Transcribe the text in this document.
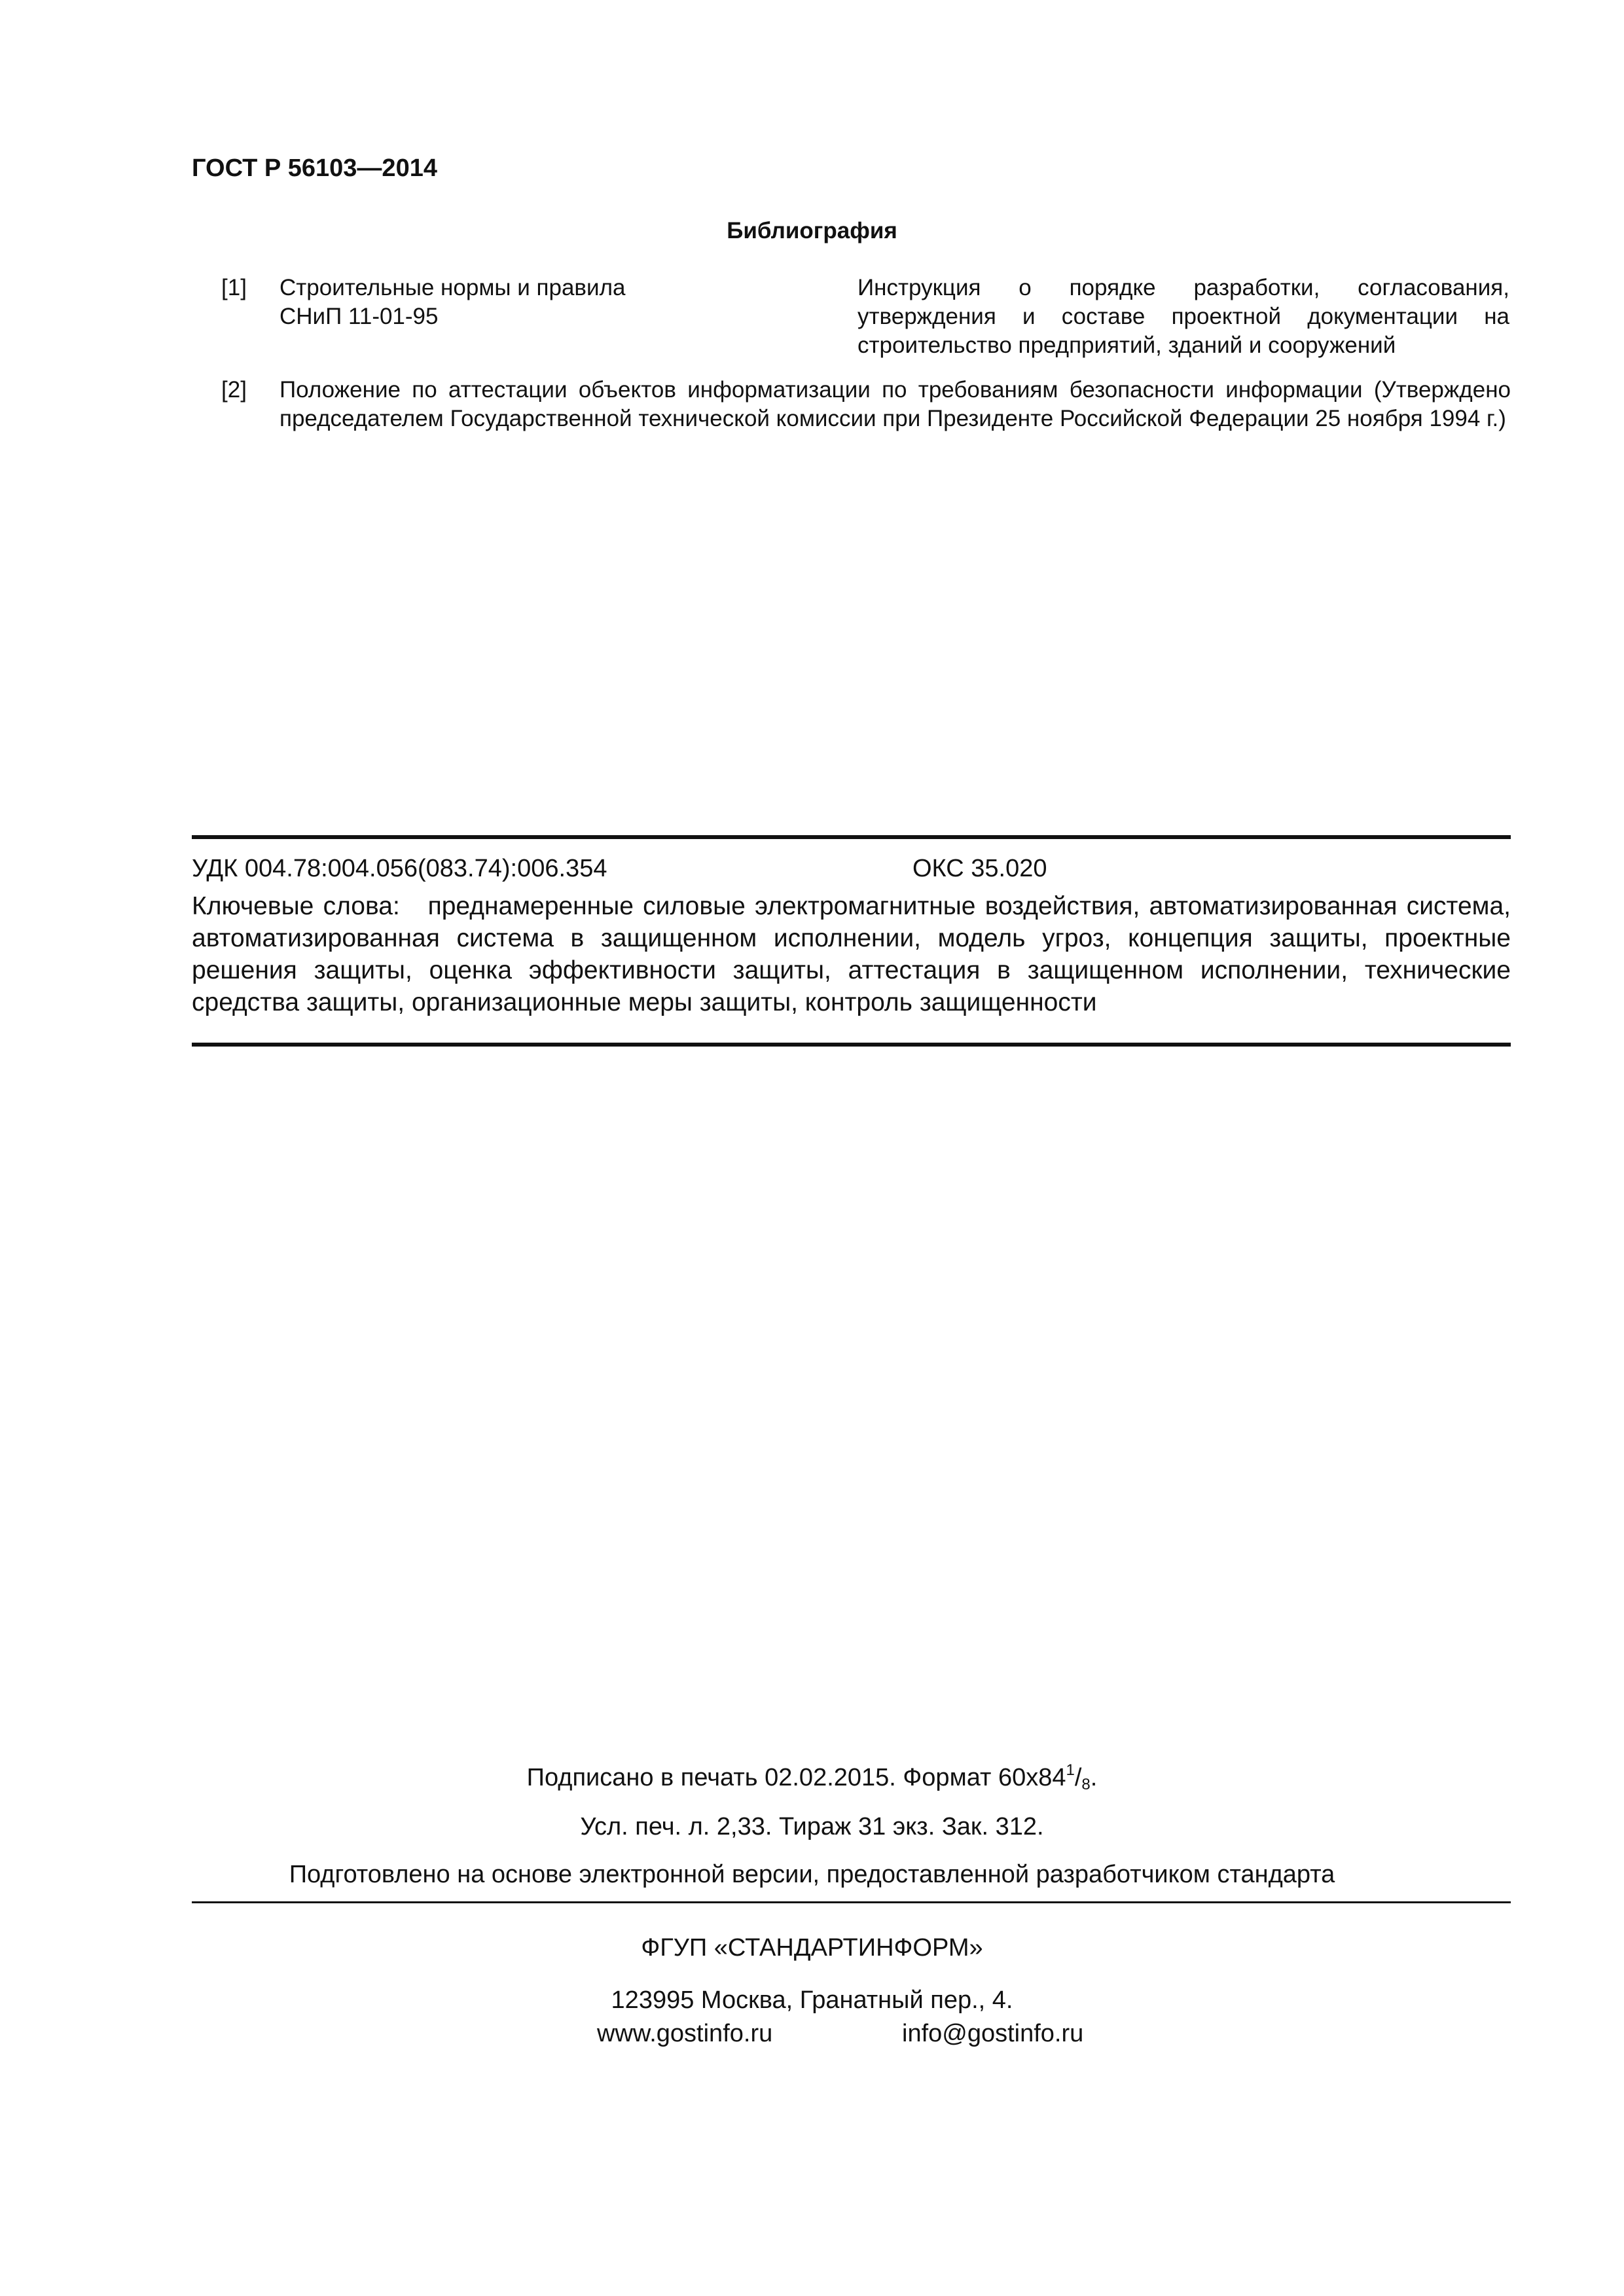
ГОСТ Р 56103—2014
Библиография
[1] Строительные нормы и правила
СНиП 11-01-95
Инструкция о порядке разработки, согласования, утверждения и составе проектной документации на строительство предприятий, зданий и сооружений
[2] Положение по аттестации объектов информатизации по требованиям безопасности информации (Утверждено председателем Государственной технической комиссии при Президенте Российской Федерации 25 ноября 1994 г.)
УДК 004.78:004.056(083.74):006.354	ОКС 35.020
Ключевые слова: преднамеренные силовые электромагнитные воздействия, автоматизированная система, автоматизированная система в защищенном исполнении, модель угроз, концепция защиты, проектные решения защиты, оценка эффективности защиты, аттестация в защищенном исполнении, технические средства защиты, организационные меры защиты, контроль защищенности
Подписано в печать 02.02.2015. Формат $60х84^1/_8$.
Усл. печ. л. 2,33. Тираж 31 экз. Зак. 312.
Подготовлено на основе электронной версии, предоставленной разработчиком стандарта
ФГУП «СТАНДАРТИНФОРМ»
123995 Москва, Гранатный пер., 4.
www.gostinfo.ru	info@gostinfo.ru
